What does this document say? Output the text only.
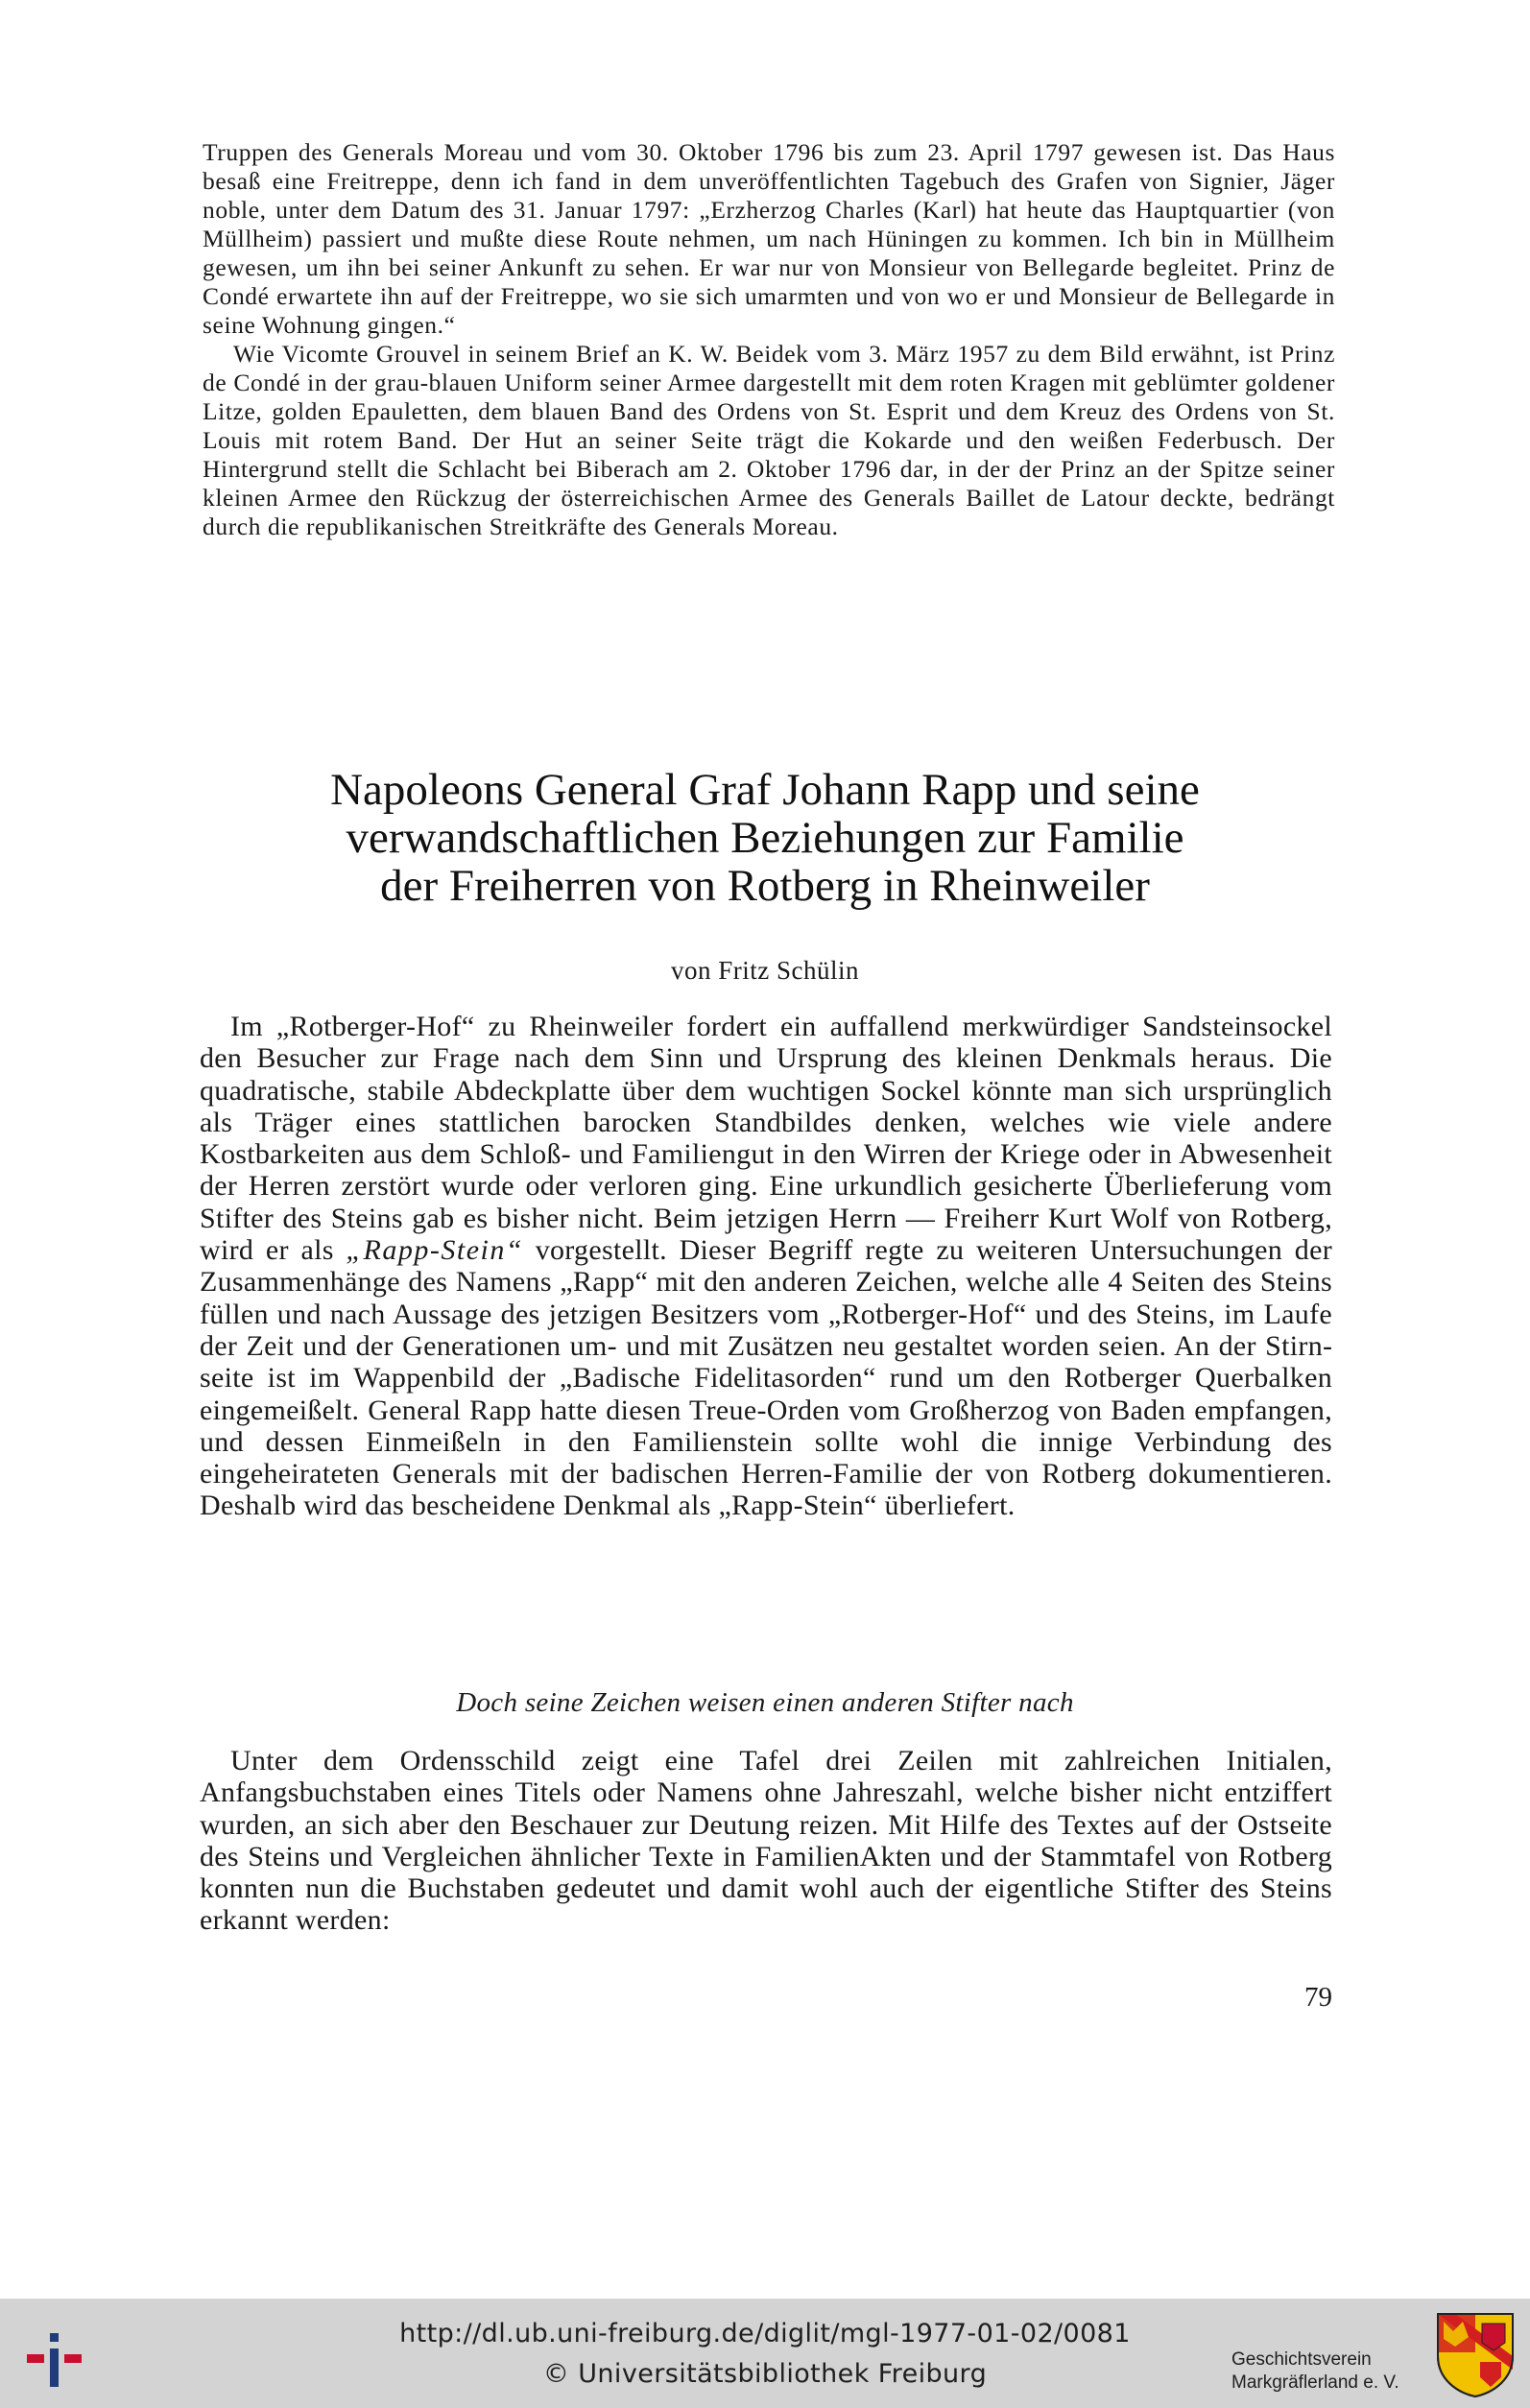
Truppen des Generals Moreau und vom 30. Oktober 1796 bis zum 23. April 1797 gewesen ist. Das Haus besaß eine Freitreppe, denn ich fand in dem unveröffentlichten Tagebuch des Grafen von Signier, Jäger noble, unter dem Datum des 31. Januar 1797: „Erzherzog Charles (Karl) hat heute das Hauptquartier (von Müllheim) passiert und mußte diese Route nehmen, um nach Hüningen zu kommen. Ich bin in Müllheim gewesen, um ihn bei seiner Ankunft zu sehen. Er war nur von Monsieur von Bellegarde begleitet. Prinz de Condé erwartete ihn auf der Freitreppe, wo sie sich umarmten und von wo er und Monsieur de Bellegarde in seine Wohnung gingen.“

Wie Vicomte Grouvel in seinem Brief an K. W. Beidek vom 3. März 1957 zu dem Bild erwähnt, ist Prinz de Condé in der grau-blauen Uniform seiner Armee dargestellt mit dem roten Kragen mit geblümter goldener Litze, golden Epauletten, dem blauen Band des Ordens von St. Esprit und dem Kreuz des Ordens von St. Louis mit rotem Band. Der Hut an seiner Seite trägt die Kokarde und den weißen Federbusch. Der Hintergrund stellt die Schlacht bei Biberach am 2. Oktober 1796 dar, in der der Prinz an der Spitze seiner kleinen Armee den Rückzug der österreichischen Armee des Generals Baillet de Latour deckte, bedrängt durch die republikanischen Streitkräfte des Generals Moreau.

Napoleons General Graf Johann Rapp und seine
verwandschaftlichen Beziehungen zur Familie
der Freiherren von Rotberg in Rheinweiler
von Fritz Schülin

Im „Rotberger-Hof“ zu Rheinweiler fordert ein auffallend merkwürdiger Sandsteinsockel den Besucher zur Frage nach dem Sinn und Ursprung des kleinen Denkmals heraus. Die quadratische, stabile Abdeckplatte über dem wuchtigen Sockel könnte man sich ursprünglich als Träger eines stattlichen barocken Standbildes denken, welches wie viele andere Kostbarkeiten aus dem Schloß- und Familiengut in den Wirren der Kriege oder in Abwesenheit der Herren zerstört wurde oder verloren ging. Eine urkundlich gesicherte Überlieferung vom Stifter des Steins gab es bisher nicht. Beim jetzigen Herrn — Freiherr Kurt Wolf von Rotberg, wird er als „Rapp-Stein“ vorgestellt. Dieser Begriff regte zu weiteren Untersuchungen der Zusammenhänge des Namens „Rapp“ mit den anderen Zeichen, welche alle 4 Seiten des Steins füllen und nach Aussage des jetzigen Besitzers vom „Rotberger-Hof“ und des Steins, im Laufe der Zeit und der Generationen um- und mit Zusätzen neu gestaltet worden seien. An der Stirnseite ist im Wappenbild der „Badische Fidelitasorden“ rund um den Rotberger Querbalken eingemeißelt. General Rapp hatte diesen Treue-Orden vom Großherzog von Baden empfangen, und dessen Einmeißeln in den Familienstein sollte wohl die innige Verbindung des eingeheirateten Generals mit der badischen Herren-Familie der von Rotberg dokumentieren. Deshalb wird das bescheidene Denkmal als „Rapp-Stein“ überliefert.

Doch seine Zeichen weisen einen anderen Stifter nach

Unter dem Ordensschild zeigt eine Tafel drei Zeilen mit zahlreichen Initialen, Anfangsbuchstaben eines Titels oder Namens ohne Jahreszahl, welche bisher nicht entziffert wurden, an sich aber den Beschauer zur Deutung reizen. Mit Hilfe des Textes auf der Ostseite des Steins und Vergleichen ähnlicher Texte in FamilienAkten und der Stammtafel von Rotberg konnten nun die Buchstaben gedeutet und damit wohl auch der eigentliche Stifter des Steins erkannt werden:

79
http://dl.ub.uni-freiburg.de/diglit/mgl-1977-01-02/0081
© Universitätsbibliothek Freiburg	Geschichtsverein
Markgräflerland e. V.
